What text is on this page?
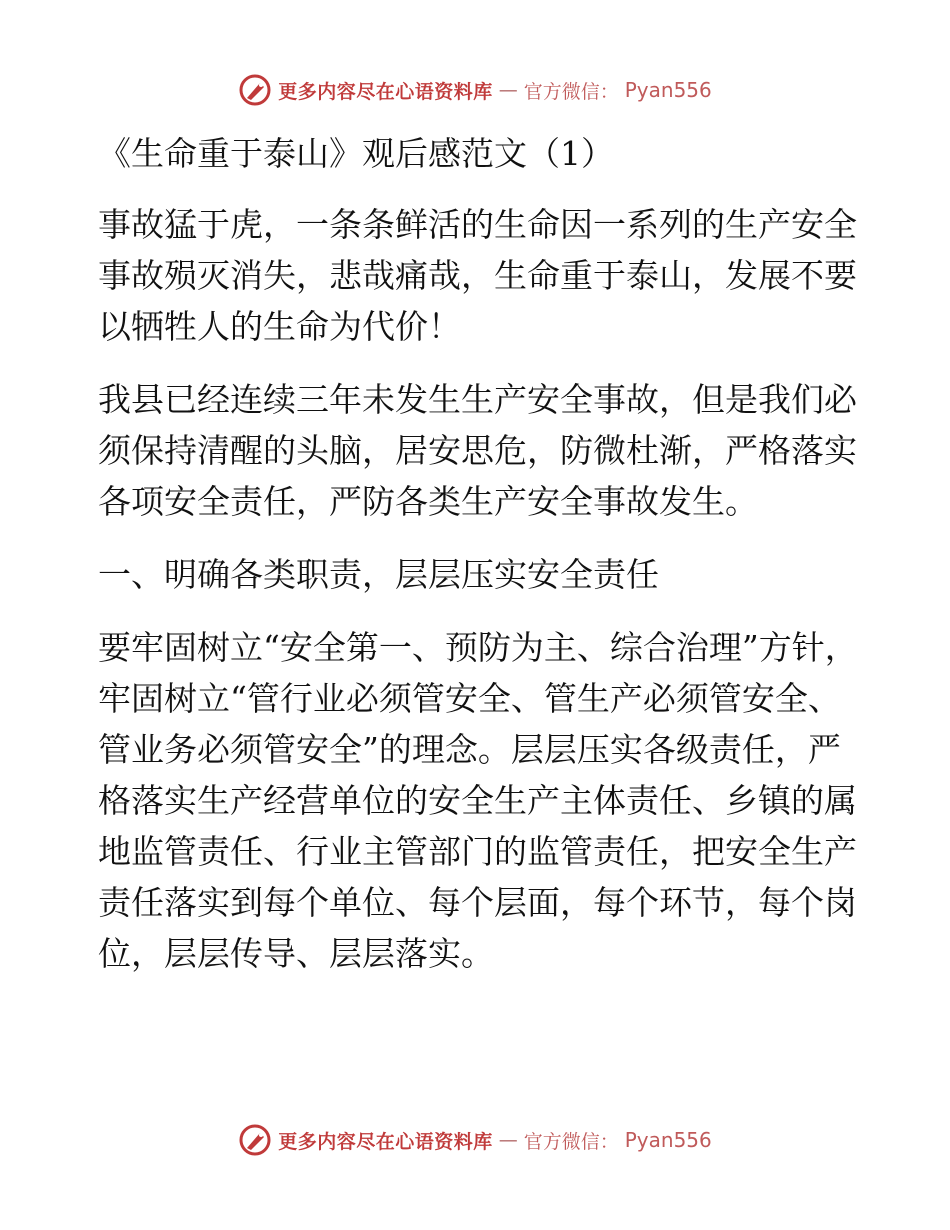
更多内容尽在心语资料库 — 官方微信： Pyan556

《生命重于泰山》观后感范文（1）

事故猛于虎，一条条鲜活的生命因一系列的生产安全事故殒灭消失，悲哉痛哉，生命重于泰山，发展不要以牺牲人的生命为代价！

我县已经连续三年未发生生产安全事故，但是我们必须保持清醒的头脑，居安思危，防微杜渐，严格落实各项安全责任，严防各类生产安全事故发生。

一、明确各类职责，层层压实安全责任

要牢固树立“安全第一、预防为主、综合治理”方针，牢固树立“管行业必须管安全、管生产必须管安全、管业务必须管安全”的理念。层层压实各级责任，严格落实生产经营单位的安全生产主体责任、乡镇的属地监管责任、行业主管部门的监管责任，把安全生产责任落实到每个单位、每个层面，每个环节，每个岗位，层层传导、层层落实。

更多内容尽在心语资料库 — 官方微信： Pyan556
